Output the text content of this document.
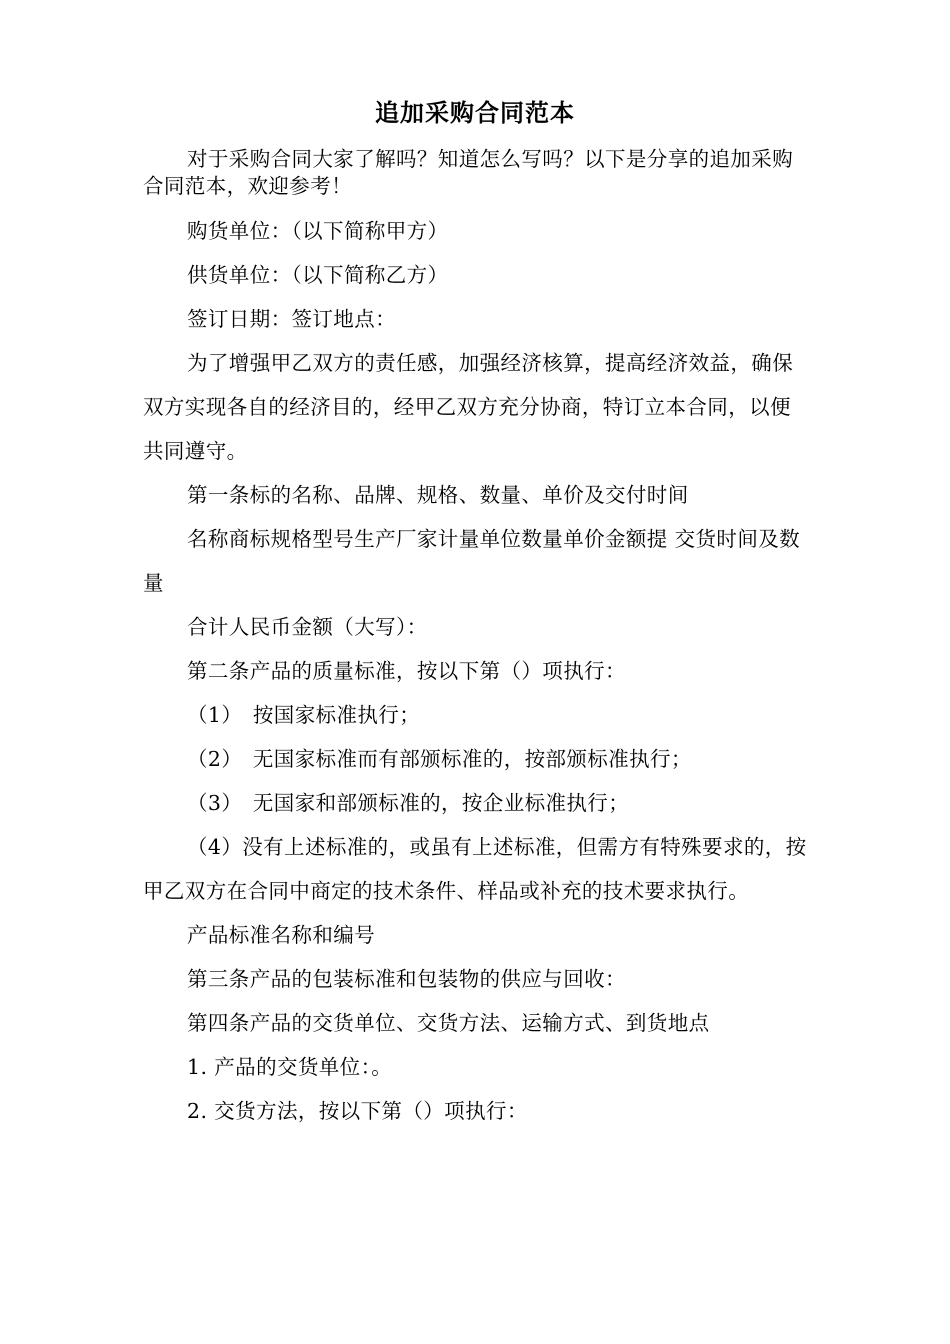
追加采购合同范本

对于采购合同大家了解吗？知道怎么写吗？以下是分享的追加采购合同范本，欢迎参考！

购货单位：（以下简称甲方）

供货单位：（以下简称乙方）

签订日期：签订地点：

为了增强甲乙双方的责任感，加强经济核算，提高经济效益，确保双方实现各自的经济目的，经甲乙双方充分协商，特订立本合同，以便共同遵守。

第一条标的名称、品牌、规格、数量、单价及交付时间

名称商标规格型号生产厂家计量单位数量单价金额提 交货时间及数量

合计人民币金额（大写）：

第二条产品的质量标准，按以下第（）项执行：

（1）　按国家标准执行；

（2）　无国家标准而有部颁标准的，按部颁标准执行；

（3）　无国家和部颁标准的，按企业标准执行；

（4）没有上述标准的，或虽有上述标准，但需方有特殊要求的，按甲乙双方在合同中商定的技术条件、样品或补充的技术要求执行。

产品标准名称和编号

第三条产品的包装标准和包装物的供应与回收：

第四条产品的交货单位、交货方法、运输方式、到货地点

1. 产品的交货单位：。

2. 交货方法，按以下第（）项执行：
